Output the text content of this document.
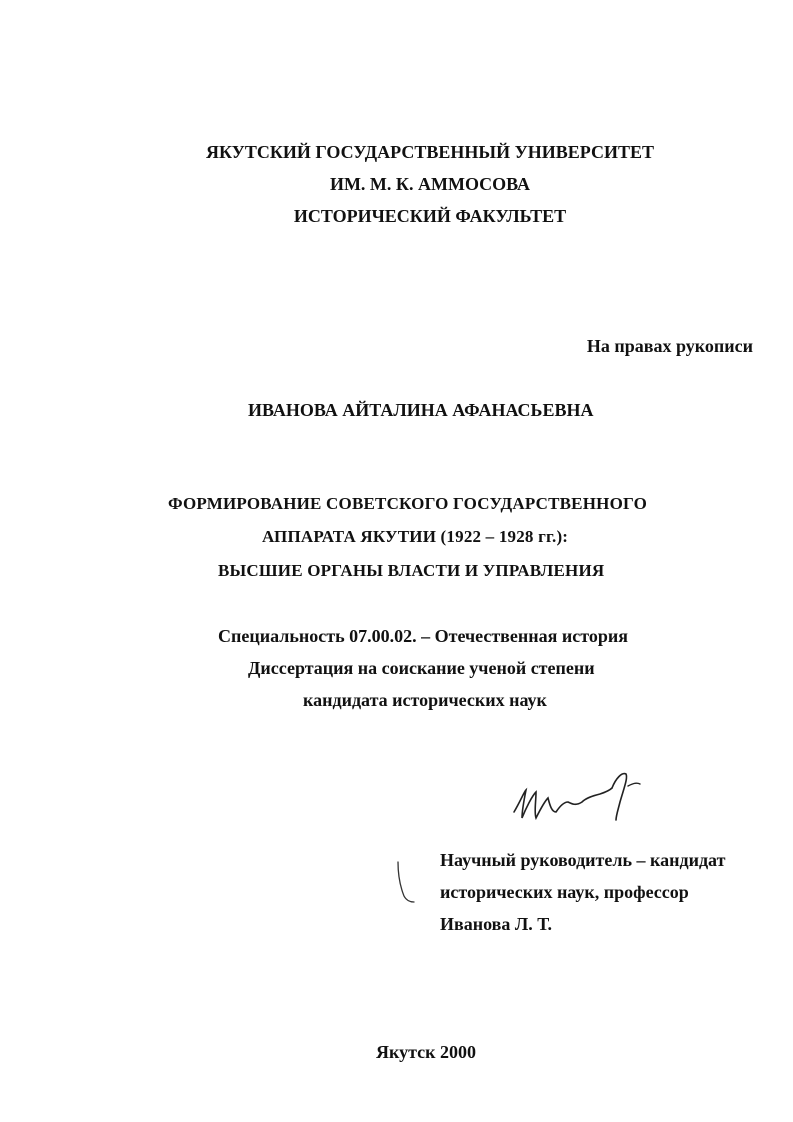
ЯКУТСКИЙ ГОСУДАРСТВЕННЫЙ УНИВЕРСИТЕТ
ИМ. М. К. АММОСОВА
ИСТОРИЧЕСКИЙ ФАКУЛЬТЕТ
На правах рукописи
ИВАНОВА АЙТАЛИНА АФАНАСЬЕВНА
ФОРМИРОВАНИЕ СОВЕТСКОГО ГОСУДАРСТВЕННОГО
АППАРАТА ЯКУТИИ (1922 – 1928 гг.):
ВЫСШИЕ ОРГАНЫ ВЛАСТИ И УПРАВЛЕНИЯ
Специальность 07.00.02. – Отечественная история
Диссертация на соискание ученой степени
кандидата исторических наук
Научный руководитель – кандидат
исторических наук, профессор
Иванова Л. Т.
Якутск 2000
